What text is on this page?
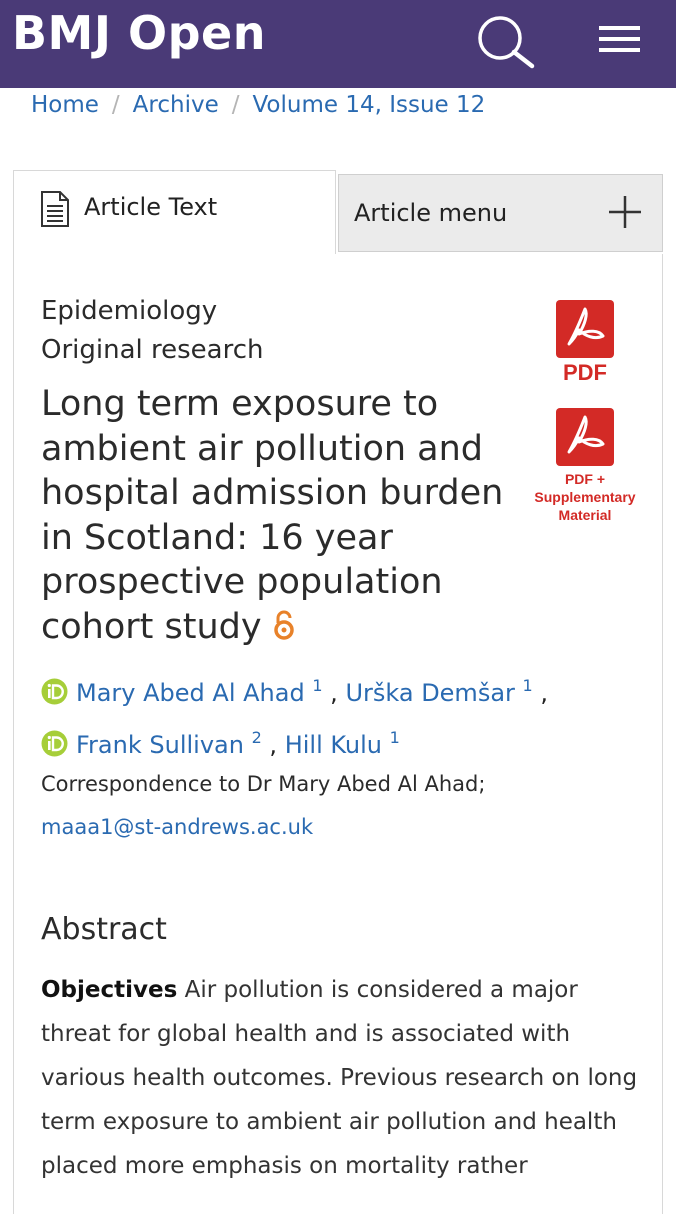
BMJ Open
Home / Archive / Volume 14, Issue 12
Article Text	Article menu
Epidemiology
Original research
Long term exposure to ambient air pollution and hospital admission burden in Scotland: 16 year prospective population cohort study
PDF
PDF +
Supplementary
Material
Mary Abed Al Ahad $^1$ , Urška Demšar $^1$ ,
Frank Sullivan $^2$ , Hill Kulu $^1$
Correspondence to Dr Mary Abed Al Ahad;
maaa1@st-andrews.ac.uk
Abstract

Objectives Air pollution is considered a major threat for global health and is associated with various health outcomes. Previous research on long term exposure to ambient air pollution and health placed more emphasis on mortality rather
